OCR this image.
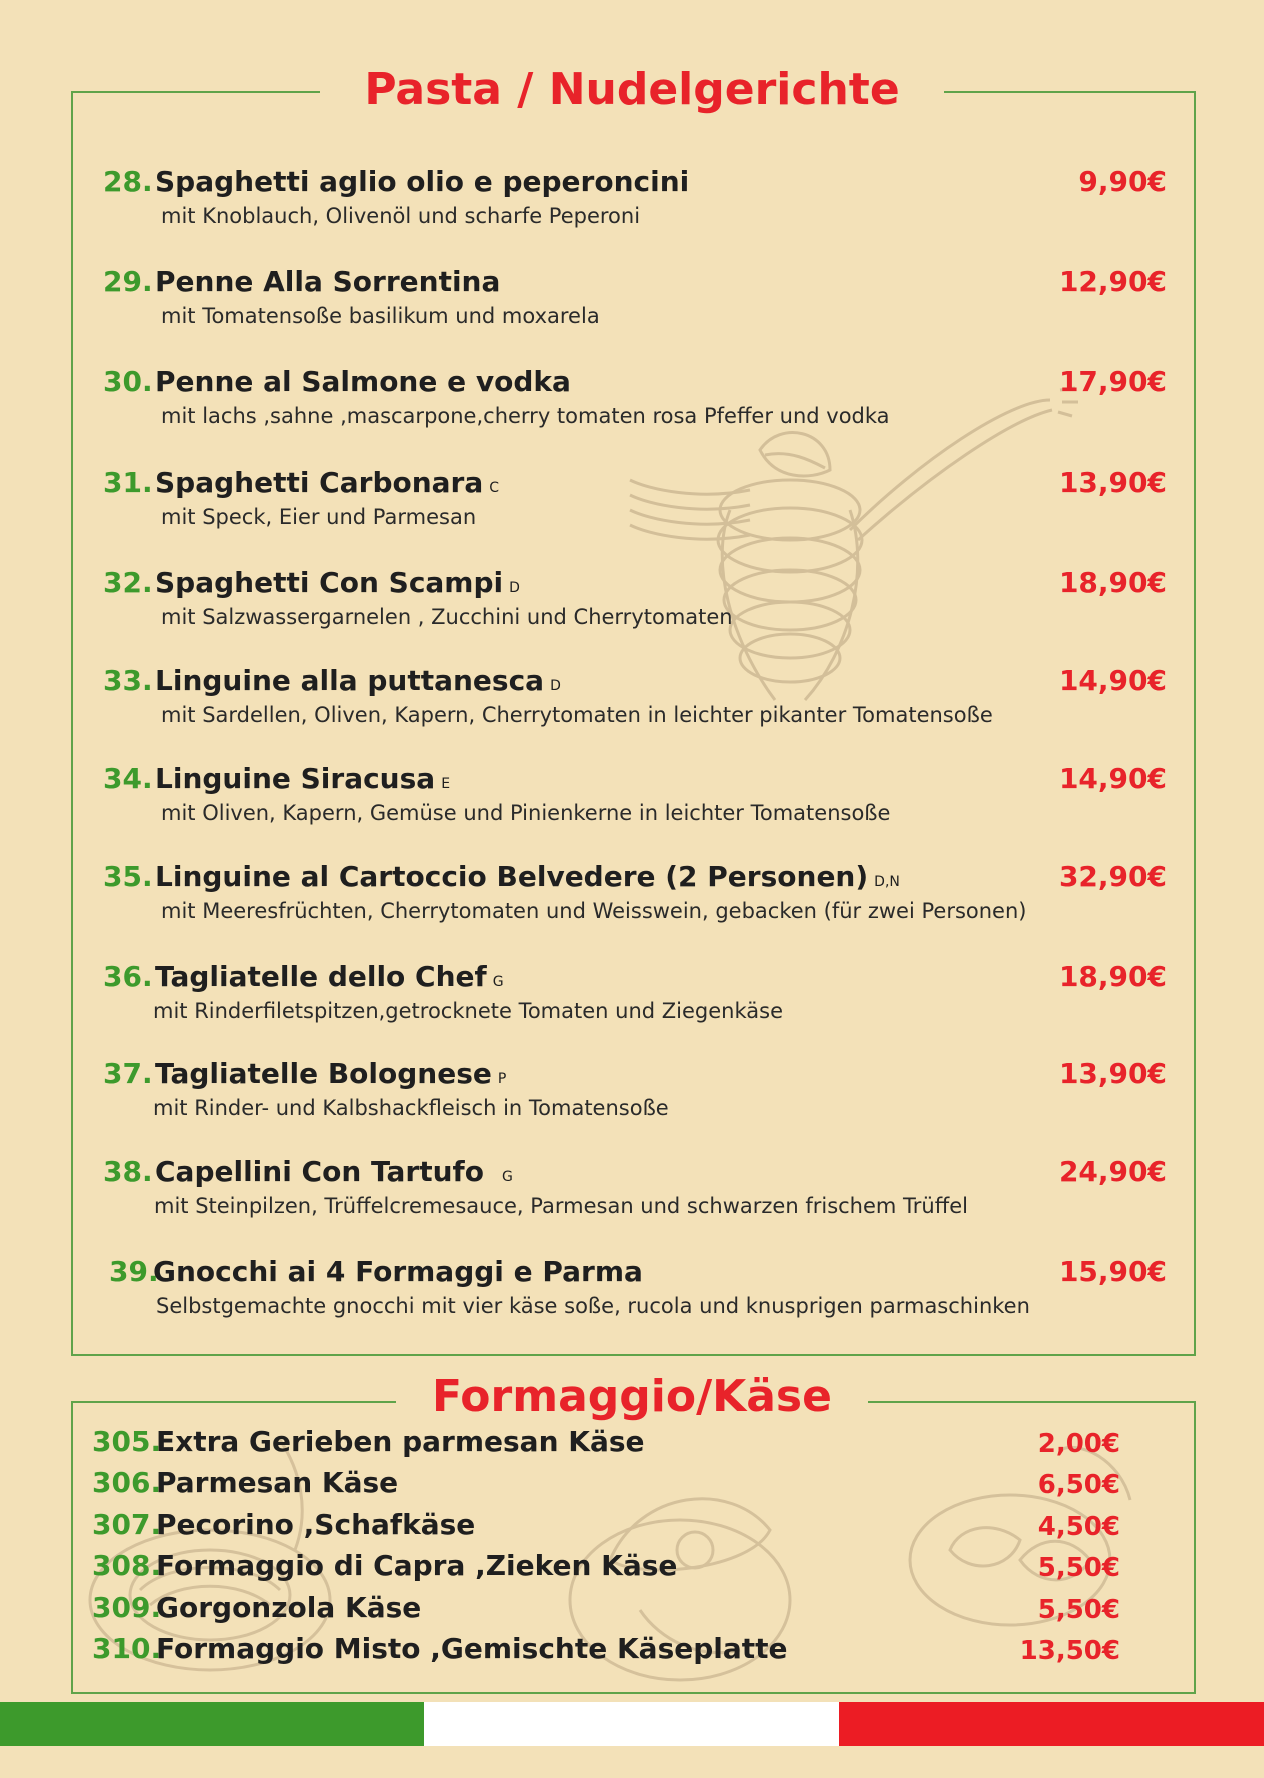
Pasta / Nudelgerichte
Formaggio/Käse
28. Spaghetti aglio olio e peperoncini
mit Knoblauch, Olivenöl und scharfe Peperoni
9,90€
29. Penne Alla Sorrentina
mit Tomatensoße basilikum und moxarela
12,90€
30. Penne al Salmone e vodka
mit lachs ,sahne ,mascarpone,cherry tomaten rosa Pfeffer und vodka
17,90€
31. Spaghetti Carbonara C
mit Speck, Eier und Parmesan
13,90€
32. Spaghetti Con Scampi D
mit Salzwassergarnelen , Zucchini und Cherrytomaten
18,90€
33. Linguine alla puttanesca D
mit Sardellen, Oliven, Kapern, Cherrytomaten in leichter pikanter Tomatensoße
14,90€
34. Linguine Siracusa E
mit Oliven, Kapern, Gemüse und Pinienkerne in leichter Tomatensoße
14,90€
35. Linguine al Cartoccio Belvedere (2 Personen) D,N
mit Meeresfrüchten, Cherrytomaten und Weisswein, gebacken (für zwei Personen)
32,90€
36. Tagliatelle dello Chef G
mit Rinderfiletspitzen,getrocknete Tomaten und Ziegenkäse
18,90€
37. Tagliatelle Bolognese P
mit Rinder- und Kalbshackfleisch in Tomatensoße
13,90€
38. Capellini Con Tartufo G
mit Steinpilzen, Trüffelcremesauce, Parmesan und schwarzen frischem Trüffel
24,90€
39.
Gnocchi ai 4 Formaggi e Parma
Selbstgemachte gnocchi mit vier käse soße, rucola und knusprigen parmaschinken
15,90€
305.
Extra Gerieben parmesan Käse	2,00€
306.
Parmesan Käse	6,50€
307.
Pecorino ,Schafkäse	4,50€
308.
Formaggio di Capra ,Zieken Käse	5,50€
309.
Gorgonzola Käse	5,50€
310.
Formaggio Misto ,Gemischte Käseplatte	13,50€
